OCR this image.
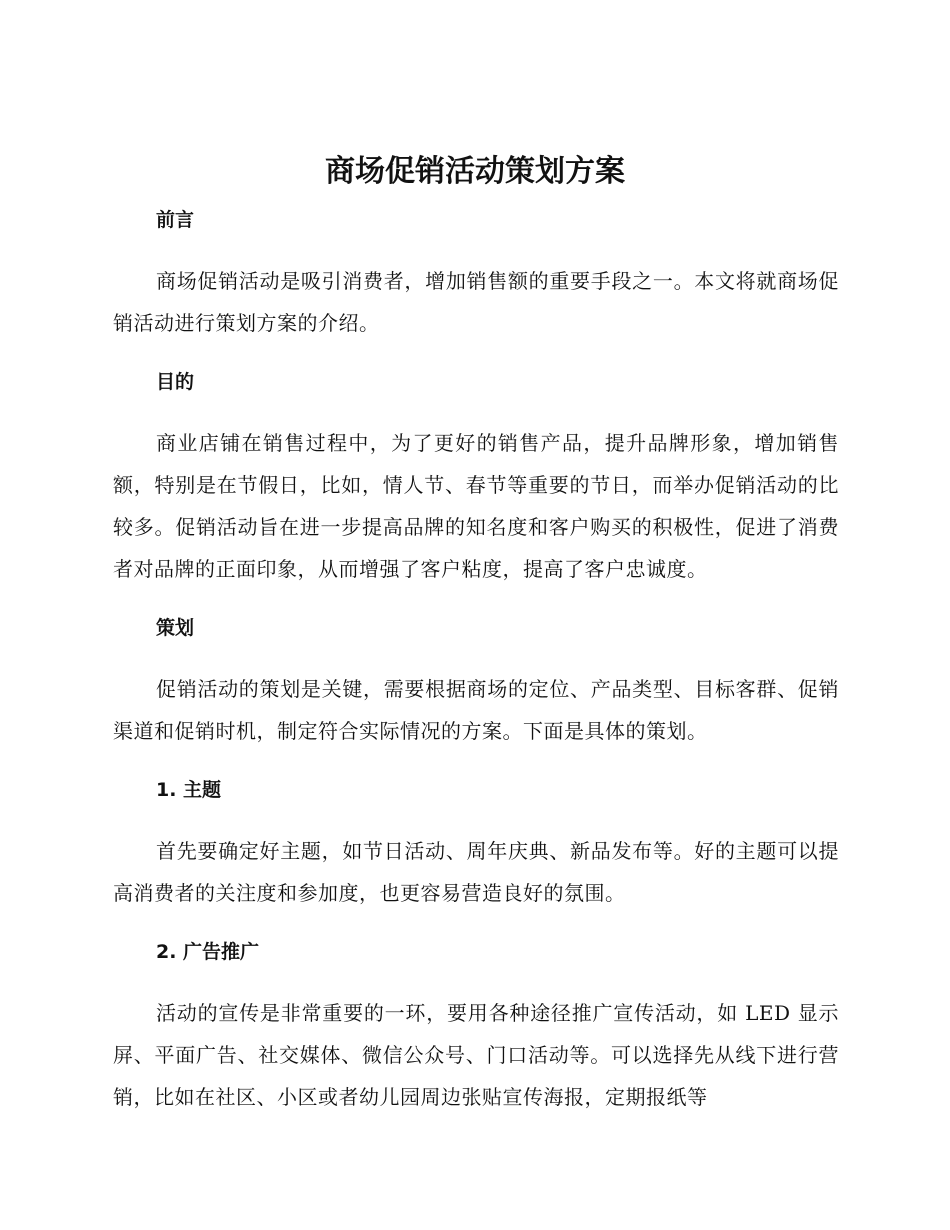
商场促销活动策划方案
前言
商场促销活动是吸引消费者，增加销售额的重要手段之一。本文将就商场促销活动进行策划方案的介绍。
目的
商业店铺在销售过程中，为了更好的销售产品，提升品牌形象，增加销售额，特别是在节假日，比如，情人节、春节等重要的节日，而举办促销活动的比较多。促销活动旨在进一步提高品牌的知名度和客户购买的积极性，促进了消费者对品牌的正面印象，从而增强了客户粘度，提高了客户忠诚度。
策划
促销活动的策划是关键，需要根据商场的定位、产品类型、目标客群、促销渠道和促销时机，制定符合实际情况的方案。下面是具体的策划。
1. 主题
首先要确定好主题，如节日活动、周年庆典、新品发布等。好的主题可以提高消费者的关注度和参加度，也更容易营造良好的氛围。
2. 广告推广
活动的宣传是非常重要的一环，要用各种途径推广宣传活动，如 LED 显示屏、平面广告、社交媒体、微信公众号、门口活动等。可以选择先从线下进行营销，比如在社区、小区或者幼儿园周边张贴宣传海报，定期报纸等
